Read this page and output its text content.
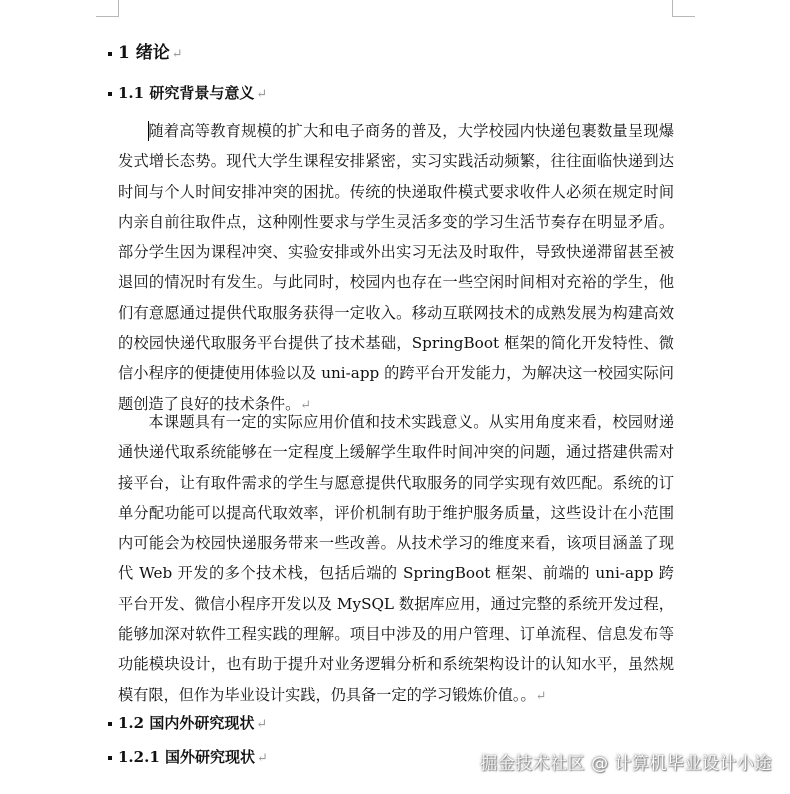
1 绪论 ↵
1.1 研究背景与意义 ↵

随着高等教育规模的扩大和电子商务的普及，大学校园内快递包裹数量呈现爆发式增长态势。现代大学生课程安排紧密，实习实践活动频繁，往往面临快递到达时间与个人时间安排冲突的困扰。传统的快递取件模式要求收件人必须在规定时间内亲自前往取件点，这种刚性要求与学生灵活多变的学习生活节奏存在明显矛盾。部分学生因为课程冲突、实验安排或外出实习无法及时取件，导致快递滞留甚至被退回的情况时有发生。与此同时，校园内也存在一些空闲时间相对充裕的学生，他们有意愿通过提供代取服务获得一定收入。移动互联网技术的成熟发展为构建高效的校园快递代取服务平台提供了技术基础，SpringBoot 框架的简化开发特性、微信小程序的便捷使用体验以及 uni-app 的跨平台开发能力，为解决这一校园实际问题创造了良好的技术条件。↵

本课题具有一定的实际应用价值和技术实践意义。从实用角度来看，校园财递通快递代取系统能够在一定程度上缓解学生取件时间冲突的问题，通过搭建供需对接平台，让有取件需求的学生与愿意提供代取服务的同学实现有效匹配。系统的订单分配功能可以提高代取效率，评价机制有助于维护服务质量，这些设计在小范围内可能会为校园快递服务带来一些改善。从技术学习的维度来看，该项目涵盖了现代 Web 开发的多个技术栈，包括后端的 SpringBoot 框架、前端的 uni-app 跨平台开发、微信小程序开发以及 MySQL 数据库应用，通过完整的系统开发过程，能够加深对软件工程实践的理解。项目中涉及的用户管理、订单流程、信息发布等功能模块设计，也有助于提升对业务逻辑分析和系统架构设计的认知水平，虽然规模有限，但作为毕业设计实践，仍具备一定的学习锻炼价值。。↵

1.2 国内外研究现状 ↵
1.2.1 国外研究现状 ↵	掘金技术社区 @ 计算机毕业设计小途
